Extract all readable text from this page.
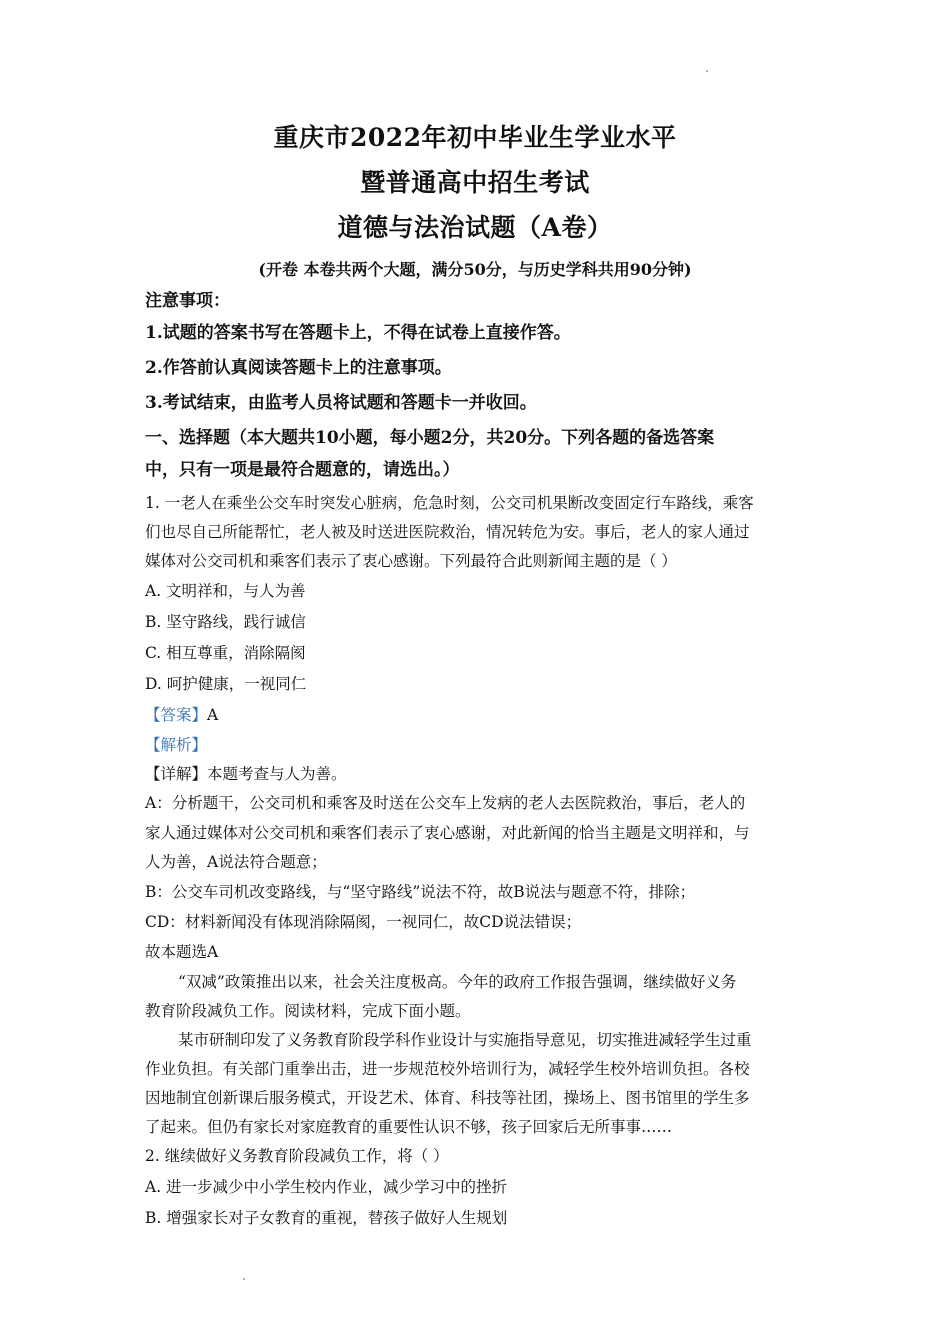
重庆市2022年初中毕业生学业水平
暨普通高中招生考试
道德与法治试题（A卷）
(开卷 本卷共两个大题，满分50分，与历史学科共用90分钟)
注意事项：
1.试题的答案书写在答题卡上，不得在试卷上直接作答。
2.作答前认真阅读答题卡上的注意事项。
3.考试结束，由监考人员将试题和答题卡一并收回。
一、选择题（本大题共10小题，每小题2分，共20分。下列各题的备选答案
中，只有一项是最符合题意的，请选出。）
1. 一老人在乘坐公交车时突发心脏病，危急时刻，公交司机果断改变固定行车路线，乘客
们也尽自己所能帮忙，老人被及时送进医院救治，情况转危为安。事后，老人的家人通过
媒体对公交司机和乘客们表示了衷心感谢。下列最符合此则新闻主题的是（ ）
A. 文明祥和，与人为善
B. 坚守路线，践行诚信
C. 相互尊重，消除隔阂
D. 呵护健康，一视同仁
【答案】A
【解析】
【详解】本题考查与人为善。
A：分析题干，公交司机和乘客及时送在公交车上发病的老人去医院救治，事后，老人的
家人通过媒体对公交司机和乘客们表示了衷心感谢，对此新闻的恰当主题是文明祥和，与
人为善，A说法符合题意；
B：公交车司机改变路线，与“坚守路线”说法不符，故B说法与题意不符，排除；
CD：材料新闻没有体现消除隔阂，一视同仁，故CD说法错误；
故本题选A
“双减”政策推出以来，社会关注度极高。今年的政府工作报告强调，继续做好义务
教育阶段减负工作。阅读材料，完成下面小题。
某市研制印发了义务教育阶段学科作业设计与实施指导意见，切实推进减轻学生过重
作业负担。有关部门重拳出击，进一步规范校外培训行为，减轻学生校外培训负担。各校
因地制宜创新课后服务模式，开设艺术、体育、科技等社团，操场上、图书馆里的学生多
了起来。但仍有家长对家庭教育的重要性认识不够，孩子回家后无所事事……
2. 继续做好义务教育阶段减负工作，将（ ）
A. 进一步减少中小学生校内作业，减少学习中的挫折
B. 增强家长对子女教育的重视，替孩子做好人生规划
